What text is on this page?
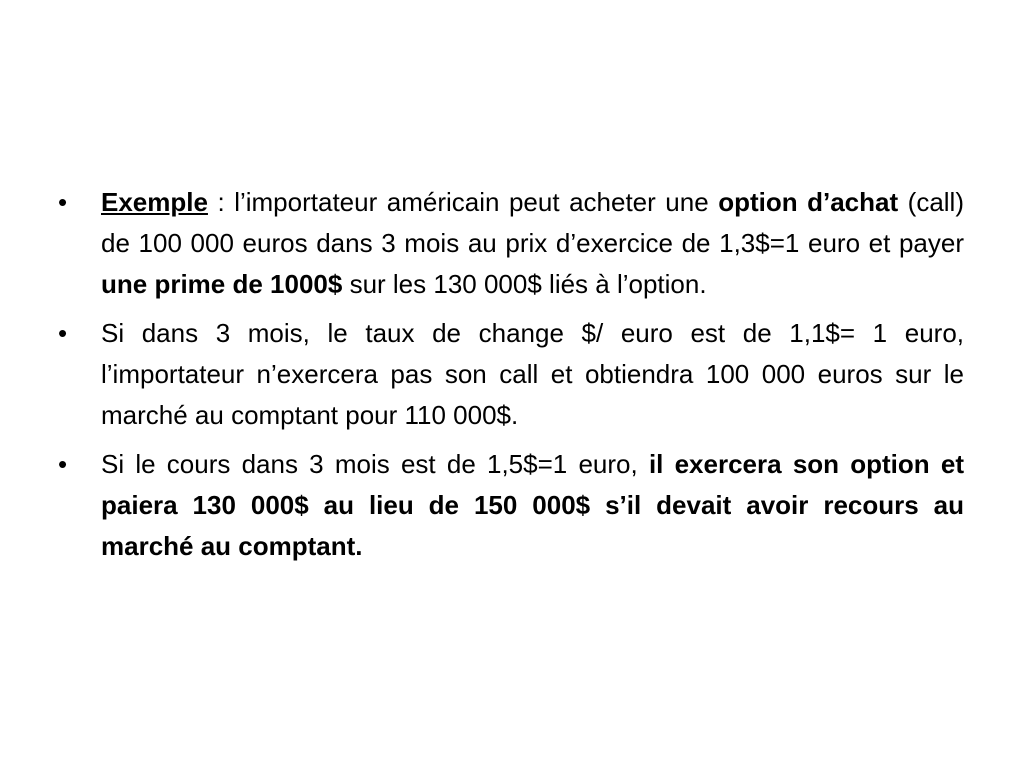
•	Exemple : l’importateur américain peut acheter une option d’achat (call) de 100 000 euros dans 3 mois au prix d’exercice de 1,3$=1 euro et payer une prime de 1000$ sur les 130 000$ liés à l’option.
•	Si dans 3 mois, le taux de change $/ euro est de 1,1$= 1 euro, l’importateur n’exercera pas son call et obtiendra 100 000 euros sur le marché au comptant pour 110 000$.
•	Si le cours dans 3 mois est de 1,5$=1 euro, il exercera son option et paiera 130 000$ au lieu de 150 000$ s’il devait avoir recours au marché au comptant.
